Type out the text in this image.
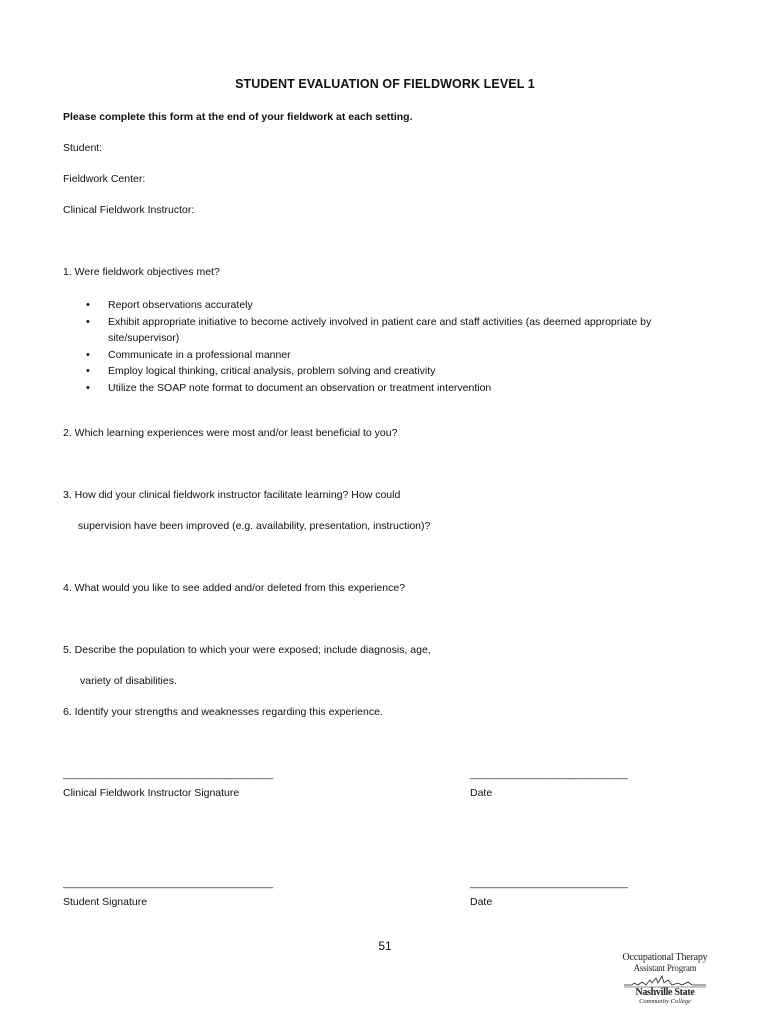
STUDENT EVALUATION OF FIELDWORK LEVEL 1
Please complete this form at the end of your fieldwork at each setting.
Student:
Fieldwork Center:
Clinical Fieldwork Instructor:
1. Were fieldwork objectives met?
• Report observations accurately
• Exhibit appropriate initiative to become actively involved in patient care and staff activities (as deemed appropriate by site/supervisor)
• Communicate in a professional manner
• Employ logical thinking, critical analysis, problem solving and creativity
• Utilize the SOAP note format to document an observation or treatment intervention
2. Which learning experiences were most and/or least beneficial to you?
3. How did your clinical fieldwork instructor facilitate learning? How could
supervision have been improved (e.g. availability, presentation, instruction)?
4. What would you like to see added and/or deleted from this experience?
5. Describe the population to which your were exposed; include diagnosis, age,
variety of disabilities.
6. Identify your strengths and weaknesses regarding this experience.
________________________________________	______________________________
Clinical Fieldwork Instructor Signature	Date
________________________________________	______________________________
Student Signature	Date
51
Occupational Therapy
Assistant Program
Nashville State
Community College
